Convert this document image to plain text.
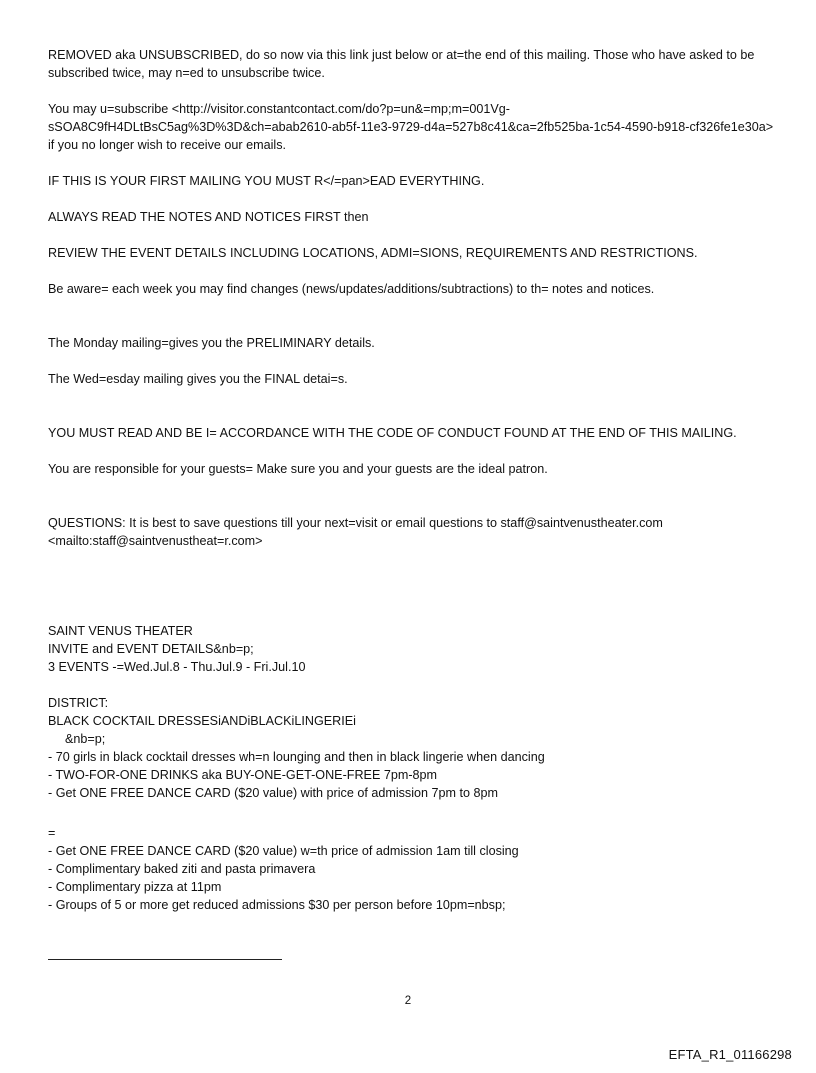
REMOVED aka UNSUBSCRIBED, do so now via this link just below or at=the end of this mailing. Those who have asked to be subscribed twice, may n=ed to unsubscribe twice.

You may u=subscribe <http://visitor.constantcontact.com/do?p=un&=mp;m=001Vg-sSOA8C9fH4DLtBsC5ag%3D%3D&ch=abab2610-ab5f-11e3-9729-d4a=527b8c41&ca=2fb525ba-1c54-4590-b918-cf326fe1e30a>  if you no longer wish to receive our emails.

IF THIS IS YOUR FIRST MAILING YOU MUST R</=pan>EAD EVERYTHING.

ALWAYS READ THE NOTES AND NOTICES FIRST then

REVIEW THE EVENT DETAILS INCLUDING LOCATIONS, ADMI=SIONS, REQUIREMENTS AND RESTRICTIONS.

Be aware= each week you may find changes (news/updates/additions/subtractions) to th= notes and notices.

The Monday mailing=gives you the PRELIMINARY details.

The Wed=esday mailing gives you the FINAL detai=s.

YOU MUST READ AND BE I= ACCORDANCE WITH THE CODE OF CONDUCT FOUND AT THE END OF THIS MAILING.

You are responsible for your guests= Make sure you and your guests are the ideal patron.

QUESTIONS: It is best to save questions till your next=visit or email questions to staff@saintvenustheater.com <mailto:staff@saintvenustheat=r.com>

SAINT VENUS THEATER

INVITE and EVENT DETAILS&nb=p;

3 EVENTS -=Wed.Jul.8 - Thu.Jul.9 - Fri.Jul.10

DISTRICT:

BLACK COCKTAIL DRESSESiANDiBLACKiLINGERIEi

&nb=p;

- 70 girls in black cocktail dresses wh=n lounging and then in black lingerie when dancing

- TWO-FOR-ONE DRINKS aka BUY-ONE-GET-ONE-FREE 7pm-8pm

- Get ONE FREE DANCE CARD ($20 value) with price of admission 7pm to 8pm

=

- Get ONE FREE DANCE CARD ($20 value) w=th price of admission 1am till closing

- Complimentary baked ziti and pasta primavera

- Complimentary pizza at 11pm

- Groups of 5 or more get reduced admissions $30 per person before 10pm=nbsp;

2
EFTA_R1_01166298
